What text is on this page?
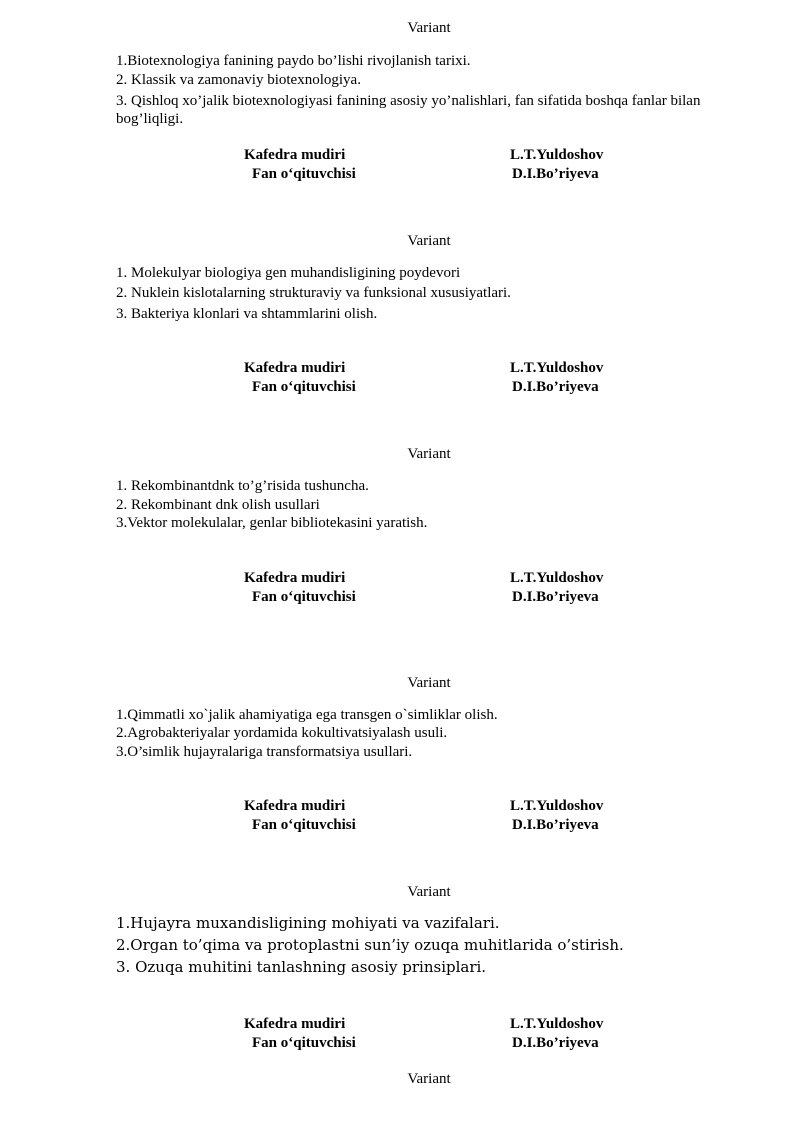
Variant
1.Biotexnologiya fanining paydo bo’lishi rivojlanish tarixi.
2. Klassik va zamonaviy biotexnologiya.
3. Qishloq xo’jalik biotexnologiyasi fanining asosiy yo’nalishlari, fan sifatida boshqa fanlar bilan bog’liqligi.
Kafedra mudiri	L.T.Yuldoshov
Fan o‘qituvchisi	D.I.Bo’riyeva
Variant
1. Molekulyar biologiya gen muhandisligining poydevori
2. Nuklein kislotalarning strukturaviy va funksional xususiyatlari.
3. Bakteriya klonlari va shtammlarini olish.
Kafedra mudiri	L.T.Yuldoshov
Fan o‘qituvchisi	D.I.Bo’riyeva
Variant
1. Rekombinantdnk to’g’risida tushuncha.
2. Rekombinant dnk olish usullari
3.Vektor molekulalar, genlar bibliotekasini yaratish.
Kafedra mudiri	L.T.Yuldoshov
Fan o‘qituvchisi	D.I.Bo’riyeva
Variant
1.Qimmatli xo`jalik ahamiyatiga ega transgen o`simliklar olish.
2.Agrobakteriyalar yordamida kokultivatsiyalash usuli.
3.O’simlik hujayralariga transformatsiya usullari.
Kafedra mudiri	L.T.Yuldoshov
Fan o‘qituvchisi	D.I.Bo’riyeva
Variant
1.Hujayra muxandisligining mohiyati va vazifalari.
2.Organ to’qima va protoplastni sun’iy ozuqa muhitlarida o’stirish.
3. Ozuqa muhitini tanlashning asosiy prinsiplari.
Kafedra mudiri	L.T.Yuldoshov
Fan o‘qituvchisi	D.I.Bo’riyeva
Variant
